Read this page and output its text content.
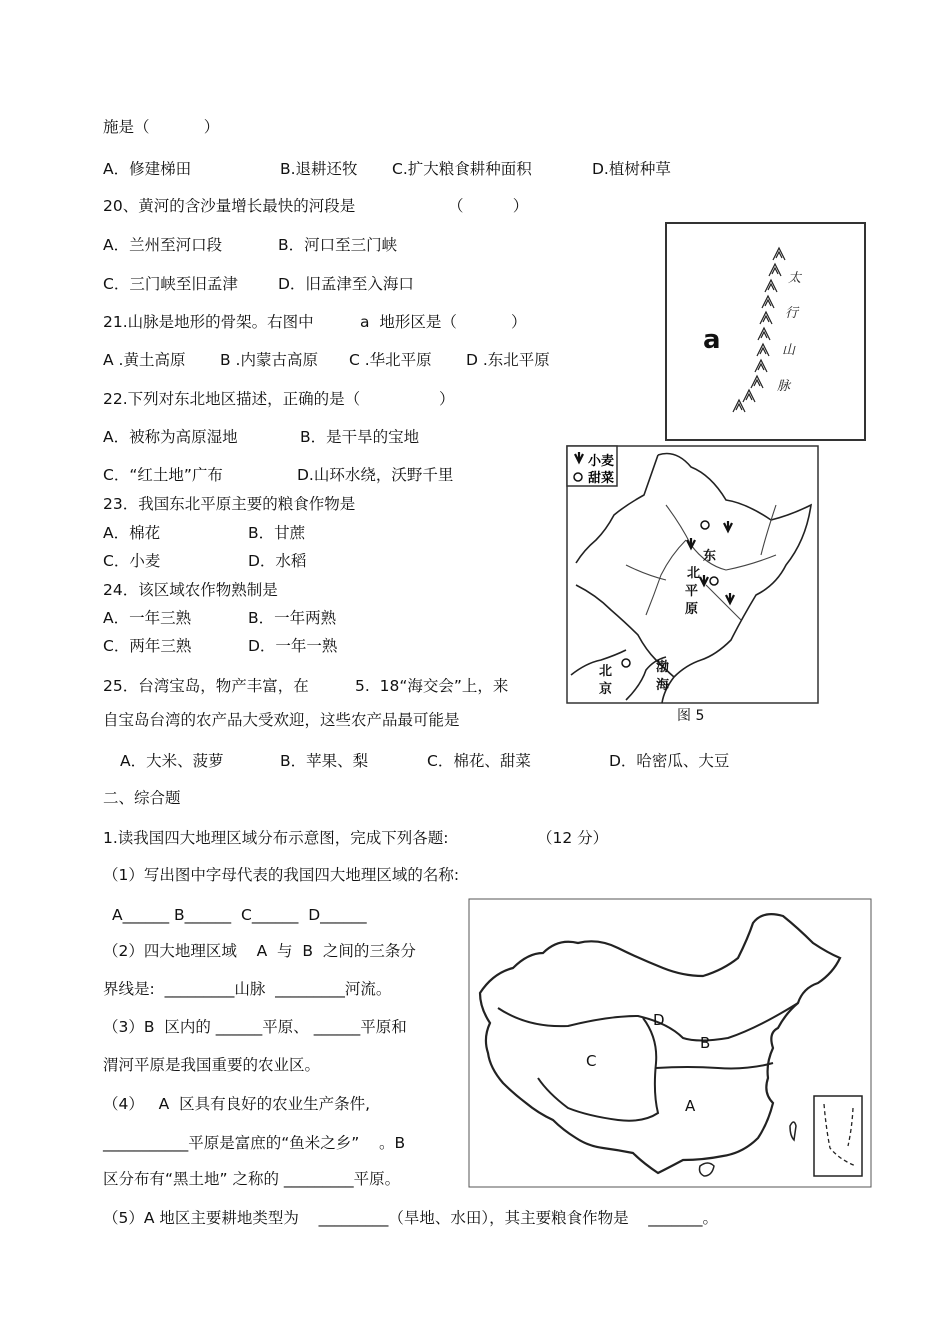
施是（           ）
A．修建梯田	B.退耕还牧 C.扩大粮食耕种面积	D.植树种草
20、黄河的含沙量增长最快的河段是	（          ）
A．兰州至河口段	B．河口至三门峡
C．三门峡至旧孟津	D．旧孟津至入海口
21.山脉是地形的骨架。右图中	a  地形区是（           ）
A .黄土高原 B .内蒙古高原 C .华北平原 D .东北平原
22.下列对东北地区描述，正确的是（                ）
A．被称为高原湿地	B．是干旱的宝地
C．“红土地”广布	D.山环水绕，沃野千里
23．我国东北平原主要的粮食作物是
A．棉花	B．甘蔗
C．小麦	D．水稻
24．该区域农作物熟制是
A．一年三熟	B．一年两熟
C．两年三熟	D．一年一熟
25．台湾宝岛，物产丰富，在	5.  18“海交会”上，来
自宝岛台湾的农产品大受欢迎，这些农产品最可能是
A．大米、菠萝	B．苹果、梨	C．棉花、甜菜	D．哈密瓜、大豆
二、综合题
1.读我国四大地理区域分布示意图，完成下列各题:	（12 分）
（1）写出图中字母代表的我国四大地理区域的名称:
A______ B______  C______  D______
（2）四大地理区域    A  与  B  之间的三条分
界线是:  _________山脉  _________河流。
（3）B  区内的 ______平原、 ______平原和
渭河平原是我国重要的农业区。
（4）   A  区具有良好的农业生产条件,
___________平原是富庶的“鱼米之乡”    。B
区分布有“黑土地” 之称的 _________平原。
（5）A 地区主要耕地类型为    _________（旱地、水田），其主要粮食作物是    _______。
a
太
行
山
脉
小麦
甜菜
东
北
平
原
北
京
渤
海
图 5
A
B
C
D
